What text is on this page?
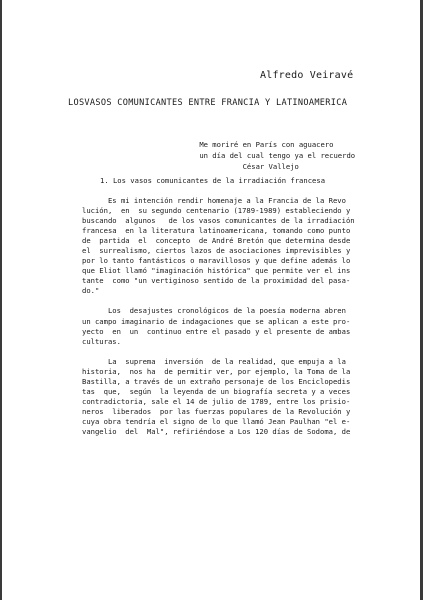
Alfredo Veiravé
LOSVASOS COMUNICANTES ENTRE FRANCIA Y LATINOAMERICA

Me moriré en París con aguacero
un día del cual tengo ya el recuerdo
César Vallejo

1. Los vasos comunicantes de la irradiación francesa
Es mi intención rendir homenaje a la Francia de la Revo
lución,  en  su segundo centenario (1789-1989) estableciendo y
buscando  algunos   de los vasos comunicantes de la irradiación
francesa  en la literatura latinoamericana, tomando como punto
de  partida  el  concepto  de André Bretón que determina desde
el  surrealismo, ciertos lazos de asociaciones imprevisibles y
por lo tanto fantásticos o maravillosos y que define además lo
que Eliot llamó "imaginación histórica" que permite ver el ins
tante  como "un vertiginoso sentido de la proximidad del pasa-
do."
Los  desajustes cronológicos de la poesía moderna abren
un campo imaginario de indagaciones que se aplican a este pro-
yecto  en  un  continuo entre el pasado y el presente de ambas
culturas.
La  suprema  inversión  de la realidad, que empuja a la
historia,  nos ha  de permitir ver, por ejemplo, la Toma de la
Bastilla, a través de un extraño personaje de los Enciclopedis
tas  que,  según  la leyenda de un biografía secreta y a veces
contradictoria, sale el 14 de julio de 1789, entre los prisio-
neros  liberados  por las fuerzas populares de la Revolución y
cuya obra tendría el signo de lo que llamó Jean Paulhan "el e-
vangelio  del  Mal", refiriéndose a Los 120 días de Sodoma, de
